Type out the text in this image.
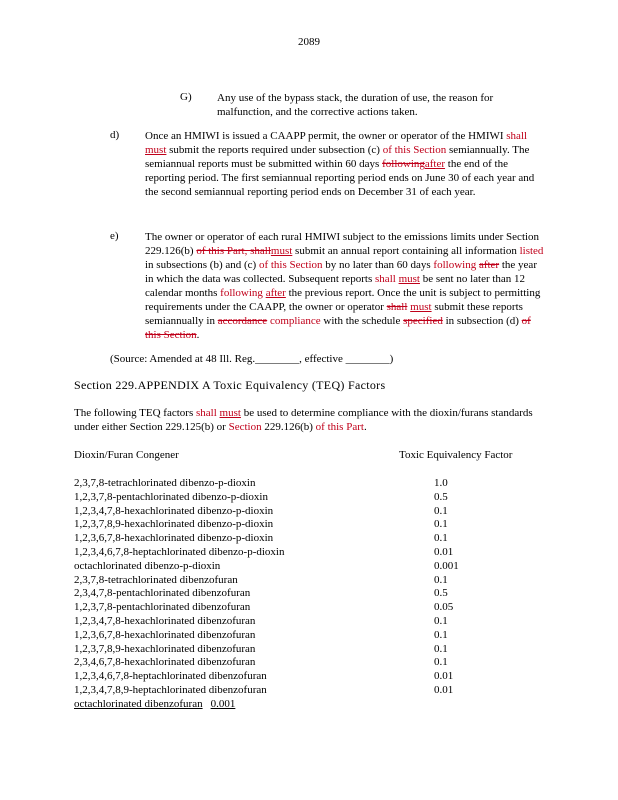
2089
G) Any use of the bypass stack, the duration of use, the reason for malfunction, and the corrective actions taken.
d) Once an HMIWI is issued a CAAPP permit, the owner or operator of the HMIWI shall must submit the reports required under subsection (c) of this Section semiannually. The semiannual reports must be submitted within 60 days followingafter the end of the reporting period. The first semiannual reporting period ends on June 30 of each year and the second semiannual reporting period ends on December 31 of each year.
e) The owner or operator of each rural HMIWI subject to the emissions limits under Section 229.126(b) of this Part, shallmust submit an annual report containing all information listed in subsections (b) and (c) of this Section by no later than 60 days following after the year in which the data was collected. Subsequent reports shall must be sent no later than 12 calendar months following after the previous report. Once the unit is subject to permitting requirements under the CAAPP, the owner or operator shall must submit these reports semiannually in accordance compliance with the schedule specified in subsection (d) of this Section.
(Source: Amended at 48 Ill. Reg.________, effective ________)
Section 229.APPENDIX A Toxic Equivalency (TEQ) Factors
The following TEQ factors shall must be used to determine compliance with the dioxin/furans standards under either Section 229.125(b) or Section 229.126(b) of this Part.
Dioxin/Furan Congener	Toxic Equivalency Factor
2,3,7,8-tetrachlorinated dibenzo-p-dioxin
1,2,3,7,8-pentachlorinated dibenzo-p-dioxin
1,2,3,4,7,8-hexachlorinated dibenzo-p-dioxin
1,2,3,7,8,9-hexachlorinated dibenzo-p-dioxin
1,2,3,6,7,8-hexachlorinated dibenzo-p-dioxin
1,2,3,4,6,7,8-heptachlorinated dibenzo-p-dioxin
octachlorinated dibenzo-p-dioxin
2,3,7,8-tetrachlorinated dibenzofuran
2,3,4,7,8-pentachlorinated dibenzofuran
1,2,3,7,8-pentachlorinated dibenzofuran
1,2,3,4,7,8-hexachlorinated dibenzofuran
1,2,3,6,7,8-hexachlorinated dibenzofuran
1,2,3,7,8,9-hexachlorinated dibenzofuran
2,3,4,6,7,8-hexachlorinated dibenzofuran
1,2,3,4,6,7,8-heptachlorinated dibenzofuran
1,2,3,4,7,8,9-heptachlorinated dibenzofuran
octachlorinated dibenzofuran 0.001
1.0
0.5
0.1
0.1
0.1
0.01
0.001
0.1
0.5
0.05
0.1
0.1
0.1
0.1
0.01
0.01
